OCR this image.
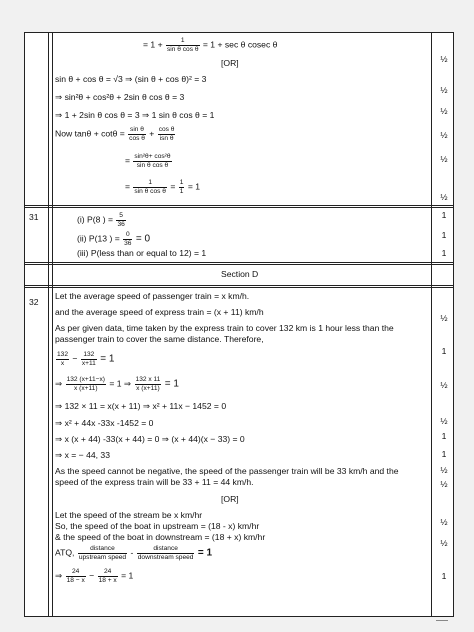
= $1 + \frac{1}{\text{sin θ cos θ}} = 1 + \sec \theta$ cosec θ
[OR]
sin θ + cos θ = √3 ⇒ (sin θ + cos θ)² = 3
⇒ sin²θ + cos²θ + 2sin θ cos θ = 3
⇒ 1 + 2sin θ cos θ = 3 ⇒ 1 sin θ cos θ = 1
Now $\tan\theta + \cot\theta = \frac{\text{sin θ}}{\text{cos θ}} + \frac{\text{cos θ}}{\text{isn θ}}$
= $\frac{\text{sin²θ+ cos²θ}}{\text{sin θ cos θ}}$
= $\frac{1}{\text{sin θ cos θ}} = \frac{1}{1} = 1$
½
½
½
½
½
½
31	(i) P(8 ) = $\frac{5}{36}$
(ii) P(13 ) = $\frac{0}{36} = 0$
(iii) P(less than or equal to 12) = 1
1
1
1
Section D
32
Let the average speed of passenger train = x km/h.
and the average speed of express train = (x + 11) km/h
As per given data, time taken by the express train to cover 132 km is 1 hour less than the
passenger train to cover the same distance. Therefore,
$\frac{132}{x} - \frac{132}{x+11} = 1$
⇒ $\frac{132 (x+11-x)}{x (x+11)} = 1$ ⇒ $\frac{132 x 11}{x (x+11)} = 1$
⇒ 132 × 11 = x(x + 11) ⇒ x² + 11x − 1452 = 0
⇒ x² + 44x -33x -1452 = 0
⇒ x (x + 44) -33(x + 44) = 0 ⇒ (x + 44)(x − 33) = 0
⇒ x = − 44, 33
As the speed cannot be negative, the speed of the passenger train will be 33 km/h and the
speed of the express train will be 33 + 11 = 44 km/h.
[OR]
Let the speed of the stream be x km/hr
So, the speed of the boat in upstream = (18 - x) km/hr
& the speed of the boat in downstream = (18 + x) km/hr
ATQ, $\frac{\text{distance}}{\text{upstream speed}} - \frac{\text{distance}}{\text{downstream speed}} = 1$
⇒ $\frac{24}{18 - x} - \frac{24}{18 + x} = 1$
½
1
½
½
1
1
½
½
½
½
1
